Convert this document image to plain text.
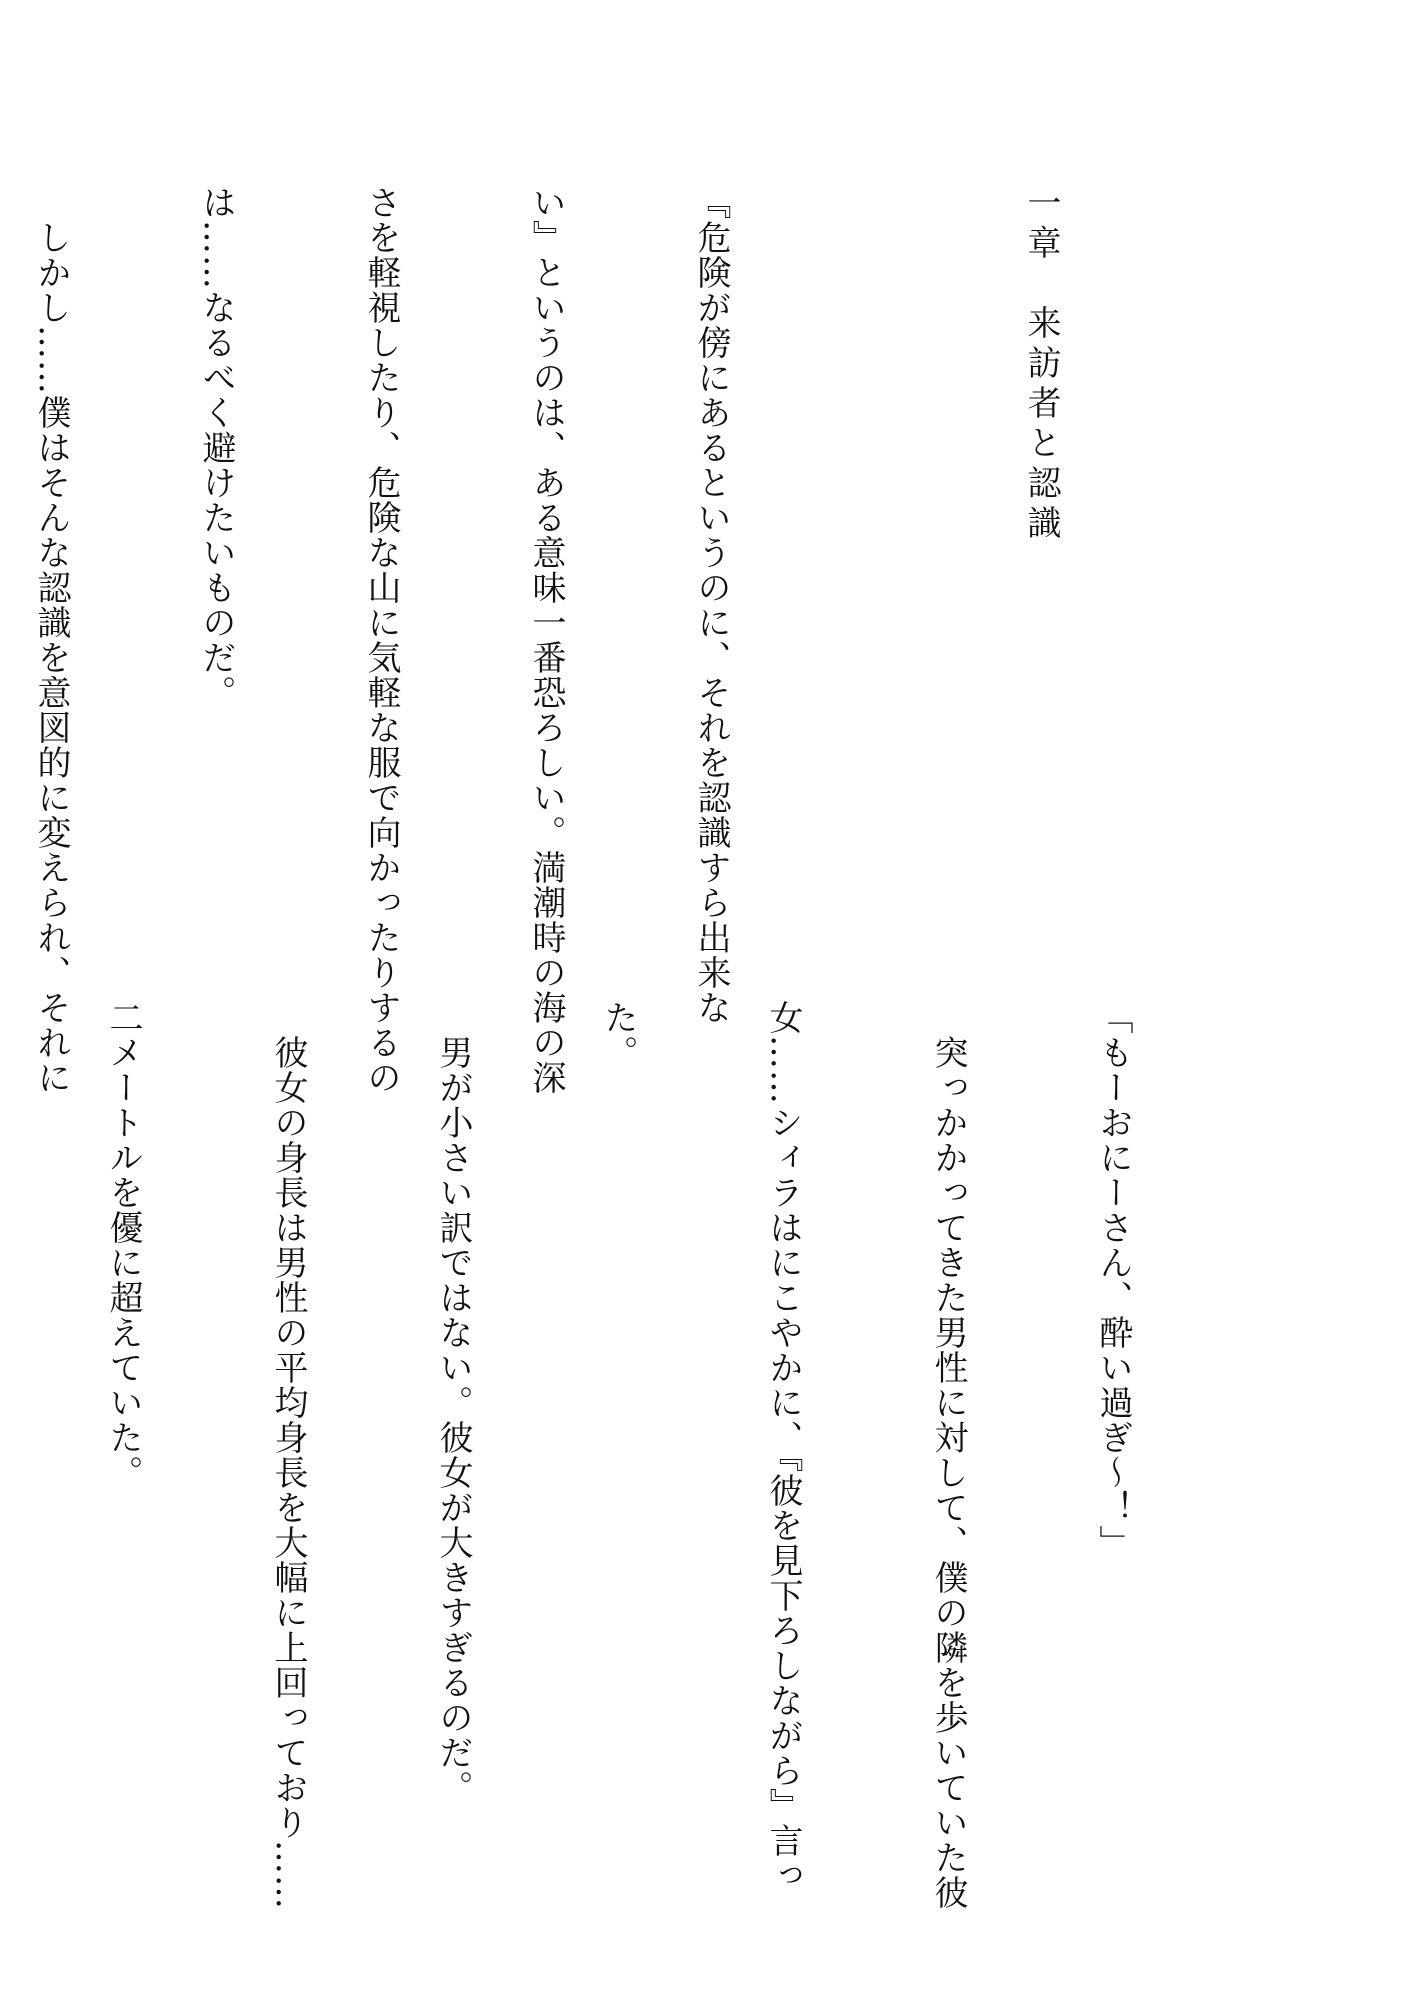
一章　来訪者と認識

『危険が傍にあるというのに、それを認識すら出来な

い』というのは、ある意味一番恐ろしい。満潮時の海の深

さを軽視したり、危険な山に気軽な服で向かったりするの

は……なるべく避けたいものだ。

　しかし……僕はそんな認識を意図的に変えられ、それに

「もーおにーさん、酔い過ぎ〜！」

　突っかかってきた男性に対して、僕の隣を歩いていた彼

女……シィラはにこやかに、『彼を見下ろしながら』言っ

た。

　男が小さい訳ではない。彼女が大きすぎるのだ。

　彼女の身長は男性の平均身長を大幅に上回っており……

二メートルを優に超えていた。
